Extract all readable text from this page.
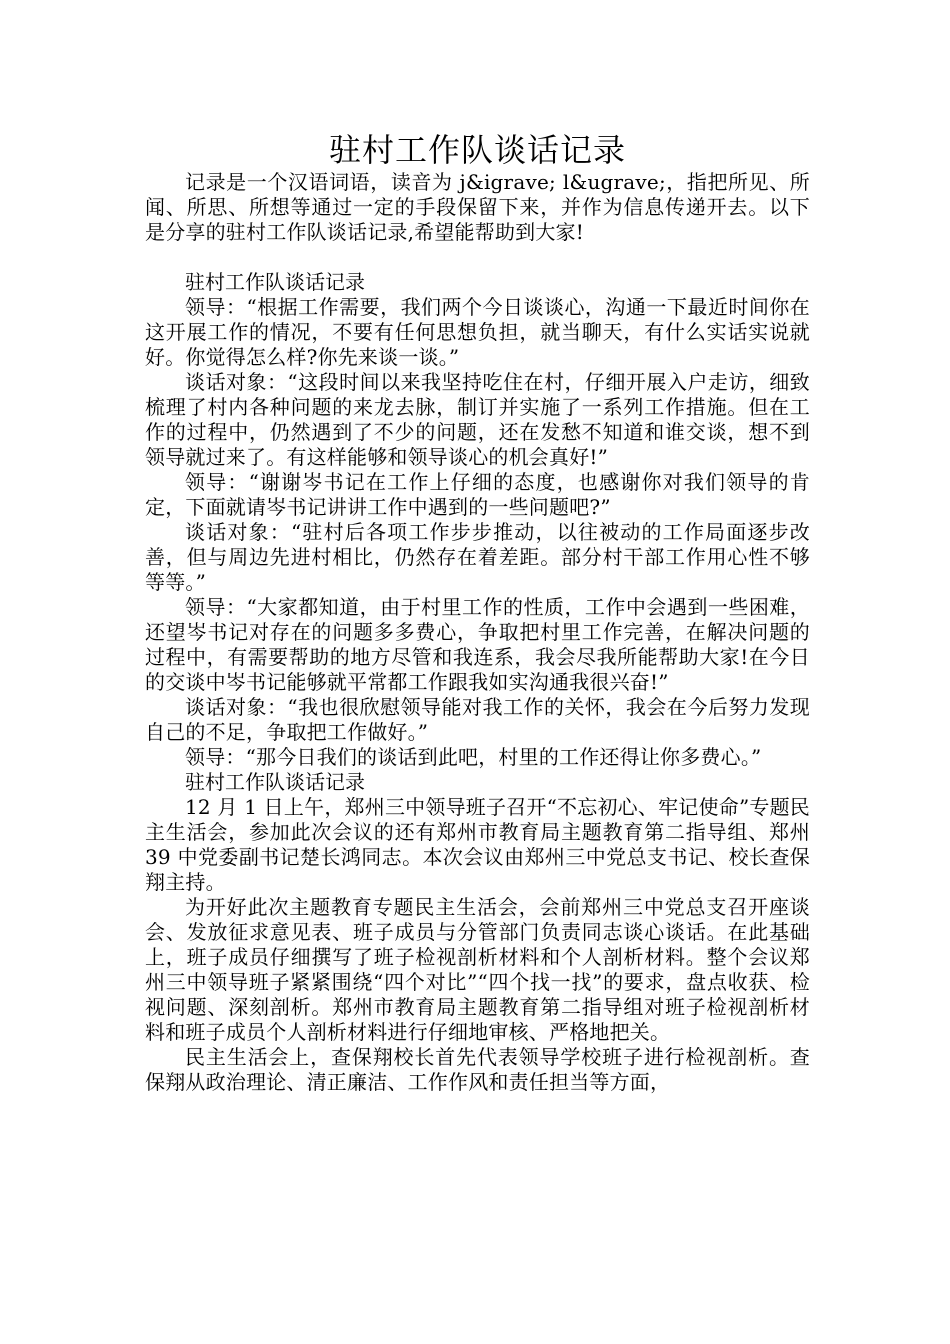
驻村工作队谈话记录

记录是一个汉语词语，读音为 j&igrave; l&ugrave;，指把所见、所闻、所思、所想等通过一定的手段保留下来，并作为信息传递开去。以下是分享的驻村工作队谈话记录,希望能帮助到大家!

驻村工作队谈话记录

领导：“根据工作需要，我们两个今日谈谈心，沟通一下最近时间你在这开展工作的情况，不要有任何思想负担，就当聊天，有什么实话实说就好。你觉得怎么样?你先来谈一谈。”

谈话对象：“这段时间以来我坚持吃住在村，仔细开展入户走访，细致梳理了村内各种问题的来龙去脉，制订并实施了一系列工作措施。但在工作的过程中，仍然遇到了不少的问题，还在发愁不知道和谁交谈，想不到领导就过来了。有这样能够和领导谈心的机会真好!”

领导：“谢谢岑书记在工作上仔细的态度，也感谢你对我们领导的肯定，下面就请岑书记讲讲工作中遇到的一些问题吧?”

谈话对象：“驻村后各项工作步步推动，以往被动的工作局面逐步改善，但与周边先进村相比，仍然存在着差距。部分村干部工作用心性不够等等。”

领导：“大家都知道，由于村里工作的性质，工作中会遇到一些困难，还望岑书记对存在的问题多多费心，争取把村里工作完善，在解决问题的过程中，有需要帮助的地方尽管和我连系，我会尽我所能帮助大家!在今日的交谈中岑书记能够就平常都工作跟我如实沟通我很兴奋!”

谈话对象：“我也很欣慰领导能对我工作的关怀，我会在今后努力发现自己的不足，争取把工作做好。”

领导：“那今日我们的谈话到此吧，村里的工作还得让你多费心。”

驻村工作队谈话记录

12 月 1 日上午，郑州三中领导班子召开“不忘初心、牢记使命”专题民主生活会，参加此次会议的还有郑州市教育局主题教育第二指导组、郑州 39 中党委副书记楚长鸿同志。本次会议由郑州三中党总支书记、校长查保翔主持。

为开好此次主题教育专题民主生活会，会前郑州三中党总支召开座谈会、发放征求意见表、班子成员与分管部门负责同志谈心谈话。在此基础上，班子成员仔细撰写了班子检视剖析材料和个人剖析材料。整个会议郑州三中领导班子紧紧围绕“四个对比”“四个找一找”的要求，盘点收获、检视问题、深刻剖析。郑州市教育局主题教育第二指导组对班子检视剖析材料和班子成员个人剖析材料进行仔细地审核、严格地把关。

民主生活会上，查保翔校长首先代表领导学校班子进行检视剖析。查保翔从政治理论、清正廉洁、工作作风和责任担当等方面，
